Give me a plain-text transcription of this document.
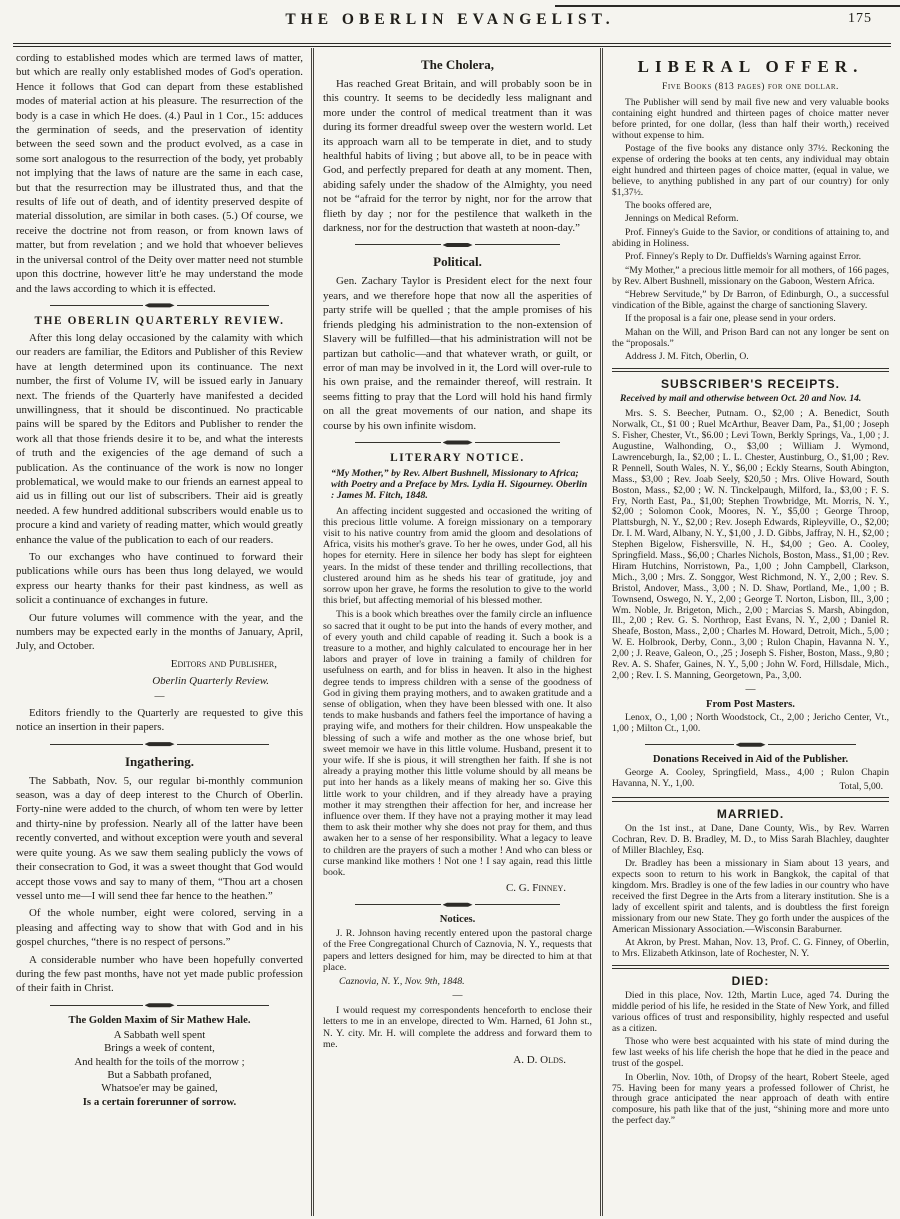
THE OBERLIN EVANGELIST.	175

cording to established modes which are termed laws of matter, but which are really only established modes of God's operation. Hence it follows that God can depart from these established modes of material action at his pleasure. The resurrection of the body is a case in which He does. (4.) Paul in 1 Cor., 15: adduces the germination of seeds, and the preservation of identity between the seed sown and the product evolved, as a case in some sort analogous to the resurrection of the body, yet probably not implying that the laws of nature are the same in each case, but that the resurrection may be illustrated thus, and that the results of life out of death, and of identity preserved despite of material dissolution, are similar in both cases. (5.) Of course, we receive the doctrine not from reason, or from known laws of matter, but from revelation ; and we hold that whoever believes in the universal control of the Deity over matter need not stumble upon this doctrine, however litt'e he may understand the mode and the laws according to which it is effected.

THE OBERLIN QUARTERLY REVIEW.

After this long delay occasioned by the calamity with which our readers are familiar, the Editors and Publisher of this Review have at length determined upon its continuance. The next number, the first of Volume IV, will be issued early in January next. The friends of the Quarterly have manifested a decided unwillingness, that it should be discontinued. No practicable pains will be spared by the Editors and Publisher to render the work all that those friends desire it to be, and what the interests of truth and the exigencies of the age demand of such a publication. As the continuance of the work is now no longer problematical, we would make to our friends an earnest appeal to aid us in filling out our list of subscribers. Their aid is greatly needed. A few hundred additional subscribers would enable us to procure a kind and variety of reading matter, which would greatly enhance the value of the publication to each of our readers.

To our exchanges who have continued to forward their publications while ours has been thus long delayed, we would express our hearty thanks for their past kindness, as well as solicit a continuance of exchanges in future.

Our future volumes will commence with the year, and the numbers may be expected early in the months of January, April, July, and October.

Editors and Publisher,

Oberlin Quarterly Review.

—

Editors friendly to the Quarterly are requested to give this notice an insertion in their papers.

Ingathering.

The Sabbath, Nov. 5, our regular bi-monthly communion season, was a day of deep interest to the Church of Oberlin. Forty-nine were added to the church, of whom ten were by letter and thirty-nine by profession. Nearly all of the latter have been recently converted, and without exception were youth and several were quite young. As we saw them sealing publicly the vows of their consecration to God, it was a sweet thought that God would accept those vows and say to many of them, “Thou art a chosen vessel unto me—I will send thee far hence to the heathen.”

Of the whole number, eight were colored, serving in a pleasing and affecting way to show that with God and in his gospel churches, “there is no respect of persons.”

A considerable number who have been hopefully converted during the few past months, have not yet made public profession of their faith in Christ.

The Golden Maxim of Sir Mathew Hale.
A Sabbath well spent
Brings a week of content,
And health for the toils of the morrow ;
But a Sabbath profaned,
Whatsoe'er may be gained,
Is a certain forerunner of sorrow.
The Cholera,

Has reached Great Britain, and will probably soon be in this country. It seems to be decidedly less malignant and more under the control of medical treatment than it was during its former dreadful sweep over the western world. Let its approach warn all to be temperate in diet, and to study healthful habits of living ; but above all, to be in peace with God, and perfectly prepared for death at any moment. Then, abiding safely under the shadow of the Almighty, you need not be “afraid for the terror by night, nor for the arrow that flieth by day ; nor for the pestilence that walketh in the darkness, nor for the destruction that wasteth at noon-day.”

Political.

Gen. Zachary Taylor is President elect for the next four years, and we therefore hope that now all the asperities of party strife will be quelled ; that the ample promises of his friends pledging his administration to the non-extension of Slavery will be fulfilled—that his administration will not be partizan but catholic—and that whatever wrath, or guilt, or error of man may be involved in it, the Lord will over-rule to his own praise, and the remainder thereof, will restrain. It seems fitting to pray that the Lord will hold his hand firmly on all the great movements of our nation, and shape its course by his own infinite wisdom.

LITERARY NOTICE.

“My Mother,” by Rev. Albert Bushnell, Missionary to Africa; with Poetry and a Preface by Mrs. Lydia H. Sigourney. Oberlin : James M. Fitch, 1848.

An affecting incident suggested and occasioned the writing of this precious little volume. A foreign missionary on a temporary visit to his native country from amid the gloom and desolations of Africa, visits his mother's grave. To her he owes, under God, all his hopes for eternity. Here in silence her body has slept for eighteen years. In the midst of these tender and thrilling recollections, that clustered around him as he sheds his tear of gratitude, joy and sorrow upon her grave, he forms the resolution to give to the world this brief, but affecting memorial of his blessed mother.

This is a book which breathes over the family circle an influence so sacred that it ought to be put into the hands of every mother, and of every youth and child capable of reading it. Such a book is a treasure to a mother, and highly calculated to encourage her in her labors and prayer of love in training a family of children for usefulness on earth, and for bliss in heaven. It also in the highest degree tends to impress children with a sense of the goodness of God in giving them praying mothers, and to awaken gratitude and a sense of obligation, when they have been blessed with one. It also tends to make husbands and fathers feel the importance of having a praying wife, and mothers for their children. How unspeakable the blessing of such a wife and mother as the one whose brief, but sweet memoir we have in this little volume. Husband, present it to your wife. If she is pious, it will strengthen her faith. If she is not already a praying mother this little volume should by all means be put into her hands as a likely means of making her so. Give this little work to your children, and if they already have a praying mother it may strengthen their affection for her, and increase her influence over them. If they have not a praying mother it may lead them to ask their mother why she does not pray for them, and thus awaken her to a sense of her responsibility. What a legacy to leave to children are the prayers of such a mother ! And who can bless or curse mankind like mothers ! Not one ! I say again, read this little book.

C. G. Finney.

Notices.

J. R. Johnson having recently entered upon the pastoral charge of the Free Congregational Church of Caznovia, N. Y., requests that papers and letters designed for him, may be directed to him at that place.

Caznovia, N. Y., Nov. 9th, 1848.

—

I would request my correspondents henceforth to enclose their letters to me in an envelope, directed to Wm. Harned, 61 John st., N. Y. city. Mr. H. will complete the address and forward them to me.

A. D. Olds.

LIBERAL OFFER.
Five Books (813 pages) for one dollar.

The Publisher will send by mail five new and very valuable books containing eight hundred and thirteen pages of choice matter never before printed, for one dollar, (less than half their worth,) received without expense to him.

Postage of the five books any distance only 37½. Reckoning the expense of ordering the books at ten cents, any individual may obtain eight hundred and thirteen pages of choice matter, (equal in value, we believe, to anything published in any part of our country) for only $1,37½.

The books offered are,

Jennings on Medical Reform.

Prof. Finney's Guide to the Savior, or conditions of attaining to, and abiding in Holiness.

Prof. Finney's Reply to Dr. Duffields's Warning against Error.

“My Mother,” a precious little memoir for all mothers, of 166 pages, by Rev. Albert Bushnell, missionary on the Gaboon, Western Africa.

“Hebrew Servitude,” by Dr Barron, of Edinburgh, O., a successful vindication of the Bible, against the charge of sanctioning Slavery.

If the proposal is a fair one, please send in your orders.

Mahan on the Will, and Prison Bard can not any longer be sent on the “proposals.”

Address J. M. Fitch, Oberlin, O.

SUBSCRIBER'S RECEIPTS.

Received by mail and otherwise between Oct. 20 and Nov. 14.

Mrs. S. S. Beecher, Putnam. O., $2,00 ; A. Benedict, South Norwalk, Ct., $1 00 ; Ruel McArthur, Beaver Dam, Pa., $1,00 ; Joseph S. Fisher, Chester, Vt., $6.00 ; Levi Town, Berkly Springs, Va., 1,00 ; J. Augustine, Walhonding, O., $3,00 ; William J. Wymond, Lawrenceburgh, Ia., $2,00 ; L. L. Chester, Austinburg, O., $1,00 ; Rev. R Pennell, South Wales, N. Y., $6,00 ; Eckly Stearns, South Abington, Mass., $3,00 ; Rev. Joab Seely, $20,50 ; Mrs. Olive Howard, South Boston, Mass., $2,00 ; W. N. Tinckelpaugh, Milford, Ia., $3,00 ; F. S. Fry, North East, Pa., $1,00; Stephen Trowbridge, Mt. Morris, N. Y., $2,00 ; Solomon Cook, Moores, N. Y., $5,00 ; George Throop, Plattsburgh, N. Y., $2,00 ; Rev. Joseph Edwards, Ripleyville, O., $2,00; Dr. I. M. Ward, Albany, N. Y., $1,00 , J. D. Gibbs, Jaffray, N. H., $2,00 ; Stephen Bigelow, Fishersville, N. H., $4,00 ; Geo. A. Cooley, Springfield. Mass., $6,00 ; Charles Nichols, Boston, Mass., $1,00 ; Rev. Hiram Hutchins, Norristown, Pa., 1,00 ; John Campbell, Clarkson, Mich., 3,00 ; Mrs. Z. Songgor, West Richmond, N. Y., 2,00 ; Rev. S. Bristol, Andover, Mass., 3,00 ; N. D. Shaw, Portland, Me., 1,00 ; B. Townsend, Oswego, N. Y., 2,00 ; George T. Norton, Lisbon, Ill., 3,00 ; Wm. Noble, Jr. Brigeton, Mich., 2,00 ; Marcias S. Marsh, Abingdon, Ill., 2,00 ; Rev. G. S. Northrop, East Evans, N. Y., 2,00 ; Daniel R. Sheafe, Boston, Mass., 2,00 ; Charles M. Howard, Detroit, Mich., 5,00 ; W. E. Holbrook, Derby, Conn., 3,00 ; Rulon Chapin, Havanna N. Y., 2,00 ; J. Reave, Galeon, O., ,25 ; Joseph S. Fisher, Boston, Mass., 9,80 ; Rev. A. S. Shafer, Gaines, N. Y., 5,00 ; John W. Ford, Hillsdale, Mich., 2,00 ; Rev. I. S. Manning, Georgetown, Pa., 3,00.

—
From Post Masters.

Lenox, O., 1,00 ; North Woodstock, Ct., 2,00 ; Jericho Center, Vt., 1,00 ; Milton Ct., 1,00.

Donations Received in Aid of the Publisher.

George A. Cooley, Springfield, Mass., 4,00 ; Rulon Chapin Havanna, N. Y., 1,00.	Total, 5,00.
MARRIED.

On the 1st inst., at Dane, Dane County, Wis., by Rev. Warren Cochran, Rev. D. B. Bradley, M. D., to Miss Sarah Blachley, daughter of Miller Blachley, Esq.

Dr. Bradley has been a missionary in Siam about 13 years, and expects soon to return to his work in Bangkok, the capital of that kingdom. Mrs. Bradley is one of the few ladies in our country who have received the first Degree in the Arts from a literary institution. She is a lady of excellent spirit and talents, and is doubtless the first foreign missionary from our new State. They go forth under the auspices of the American Missionary Association.—Wisconsin Baraburner.

At Akron, by Prest. Mahan, Nov. 13, Prof. C. G. Finney, of Oberlin, to Mrs. Elizabeth Atkinson, late of Rochester, N. Y.

DIED:

Died in this place, Nov. 12th, Martin Luce, aged 74. During the middle period of his life, he resided in the State of New York, and filled various offices of trust and responsibility, highly respected and useful as a citizen.

Those who were best acquainted with his state of mind during the few last weeks of his life cherish the hope that he died in the peace and trust of the gospel.

In Oberlin, Nov. 10th, of Dropsy of the heart, Robert Steele, aged 75. Having been for many years a professed follower of Christ, he through grace anticipated the near approach of death with entire composure, his path like that of the just, “shining more and more unto the perfect day.”
